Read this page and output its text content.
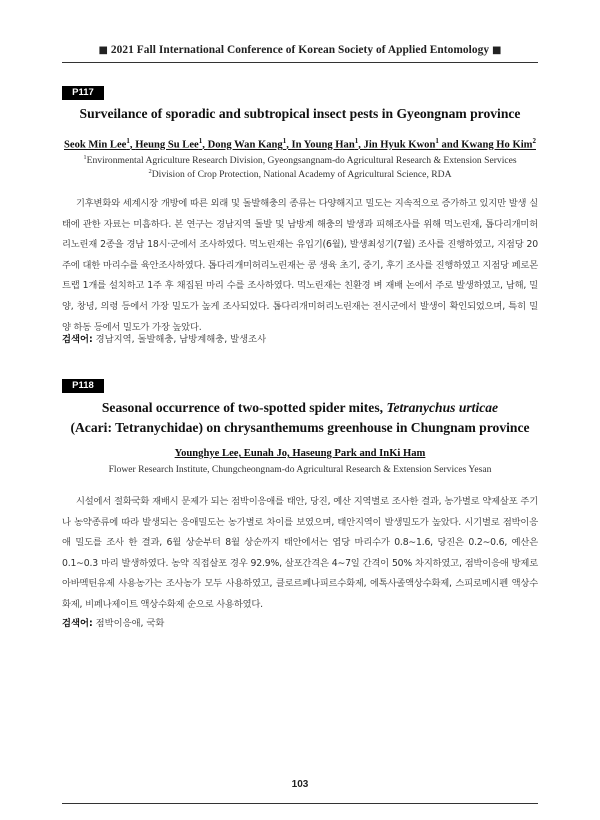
■ 2021 Fall International Conference of Korean Society of Applied Entomology ■
P117
Surveilance of sporadic and subtropical insect pests in Gyeongnam province
Seok Min Lee$^1$, Heung Su Lee$^1$, Dong Wan Kang$^1$, In Young Han$^1$, Jin Hyuk Kwon$^1$ and Kwang Ho Kim$^2$
$^1$Environmental Agriculture Research Division, Gyeongsangnam-do Agricultural Research & Extension Services
$^2$Division of Crop Protection, National Academy of Agricultural Science, RDA
기후변화와 세계시장 개방에 따른 외래 및 돌발해충의 종류는 다양해지고 밀도는 지속적으로 증가하고 있지만 발생 실태에 관한 자료는 미흡하다. 본 연구는 경남지역 돌발 및 남방계 해충의 발생과 피해조사를 위해 먹노린재, 톱다리개미허리노린재 2종을 경남 18시·군에서 조사하였다. 먹노린재는 유입기(6월), 발생최성기(7월) 조사를 진행하였고, 지점당 20주에 대한 마리수를 육안조사하였다. 톱다리개미허리노린재는 콩 생육 초기, 중기, 후기 조사를 진행하였고 지점당 페로몬트랩 1개를 설치하고 1주 후 채집된 마리 수를 조사하였다. 먹노린재는 친환경 벼 재배 논에서 주로 발생하였고, 남해, 밀양, 창녕, 의령 등에서 가장 밀도가 높게 조사되었다. 톱다리개미허리노린재는 전시군에서 발생이 확인되었으며, 특히 밀양 하동 등에서 밀도가 가장 높았다.
검색어: 경남지역, 돌발해충, 남방계해충, 발생조사
P118
Seasonal occurrence of two-spotted spider mites, Tetranychus urticae
(Acari: Tetranychidae) on chrysanthemums greenhouse in Chungnam province
Younghye Lee, Eunah Jo, Haseung Park and InKi Ham
Flower Research Institute, Chungcheongnam-do Agricultural Research & Extension Services Yesan
시설에서 절화국화 재배시 문제가 되는 점박이응애를 태안, 당진, 예산 지역별로 조사한 결과, 농가별로 약제살포 주기나 농약종류에 따라 발생되는 응애밀도는 농가별로 차이를 보였으며, 태안지역이 발생밀도가 높았다. 시기별로 점박이응애 밀도를 조사 한 결과, 6월 상순부터 8월 상순까지 태안에서는 엽당 마리수가 0.8∼1.6, 당진은 0.2∼0.6, 예산은 0.1∼0.3 마리 발생하였다. 농약 직접살포 경우 92.9%, 살포간격은 4∼7일 간격이 50% 차지하였고, 점박이응애 방제로 아바멕틴유제 사용농가는 조사농가 모두 사용하였고, 클로르페나피르수화제, 에톡사졸액상수화제, 스피로메시펜 액상수화제, 비페나제이트 액상수화제 순으로 사용하였다.
검색어: 점박이응애, 국화
103
